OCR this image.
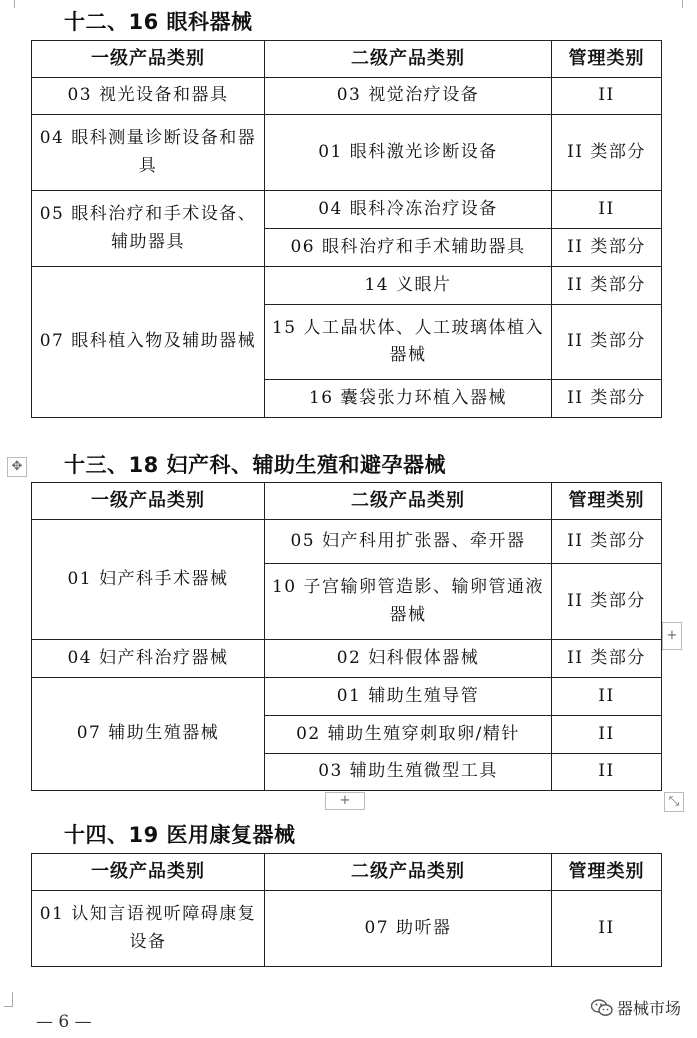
十二、16 眼科器械
一级产品类别	二级产品类别	管理类别
03 视光设备和器具	03 视觉治疗设备	II
04 眼科测量诊断设备和器具	01 眼科激光诊断设备	II 类部分
05 眼科治疗和手术设备、辅助器具	04 眼科冷冻治疗设备	II
	06 眼科治疗和手术辅助器具	II 类部分
07 眼科植入物及辅助器械	14 义眼片	II 类部分
	15 人工晶状体、人工玻璃体植入器械	II 类部分
	16 囊袋张力环植入器械	II 类部分
✥ 十三、18 妇产科、辅助生殖和避孕器械
一级产品类别	二级产品类别	管理类别
01 妇产科手术器械	05 妇产科用扩张器、牵开器	II 类部分
	10 子宫输卵管造影、输卵管通液器械	II 类部分
04 妇产科治疗器械	02 妇科假体器械	II 类部分
07 辅助生殖器械	01 辅助生殖导管	II
	02 辅助生殖穿刺取卵/精针	II
	03 辅助生殖微型工具	II
+
+	⤡
十四、19 医用康复器械
一级产品类别	二级产品类别	管理类别
01 认知言语视听障碍康复设备	07 助听器	II
— 6 —
器械市场
